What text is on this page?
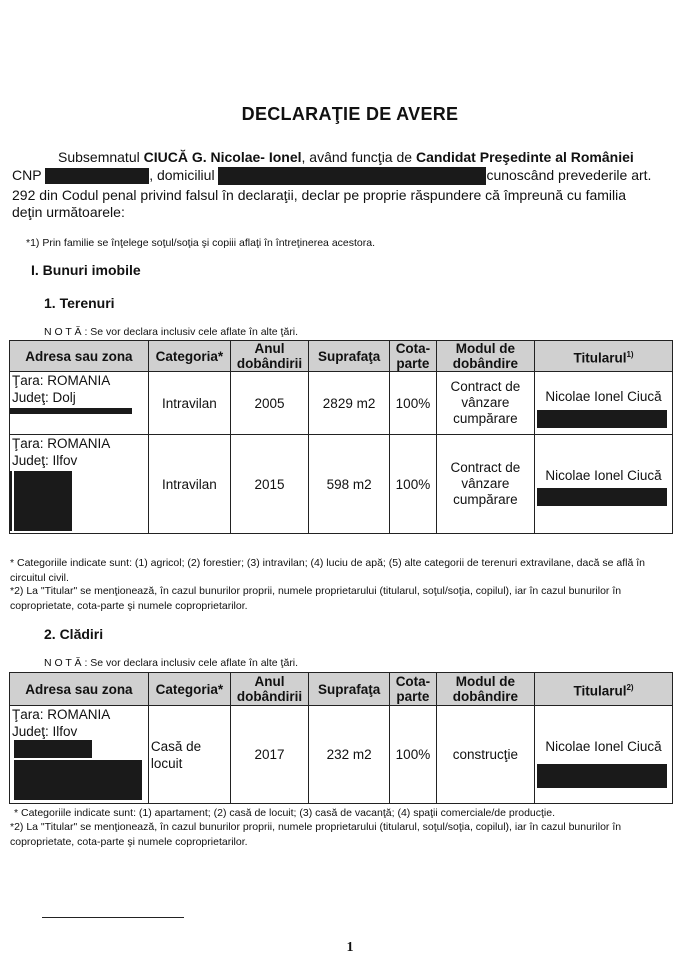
DECLARAŢIE DE AVERE
Subsemnatul CIUCĂ G. Nicolae- Ionel, având funcţia de Candidat Preşedinte al României
CNP	, domiciliul	cunoscând prevederile art.
292 din Codul penal privind falsul în declaraţii, declar pe proprie răspundere că împreună cu familia
deţin următoarele:
*1) Prin familie se înţelege soţul/soţia şi copiii aflaţi în întreţinerea acestora.
I. Bunuri imobile
1. Terenuri
N O T Ă : Se vor declara inclusiv cele aflate în alte ţări.
Adresa sau zona	Categoria*	Anul dobândirii	Suprafaţa	Cota-parte	Modul de dobândire	Titularul$^{1)}$

Ţara: ROMANIA
Judeţ: Dolj	Intravilan	2005	2829 m2	100%	Contract de vânzare cumpărare	Nicolae Ionel Ciucă

Ţara: ROMANIA
Judeţ: Ilfov	Intravilan	2015	598 m2	100%	Contract de vânzare cumpărare	Nicolae Ionel Ciucă
* Categoriile indicate sunt: (1) agricol; (2) forestier; (3) intravilan; (4) luciu de apă; (5) alte categorii de terenuri extravilane, dacă se află în circuitul civil.
*2) La "Titular" se menţionează, în cazul bunurilor proprii, numele proprietarului (titularul, soţul/soţia, copilul), iar în cazul bunurilor în coproprietate, cota-parte şi numele coproprietarilor.
2. Clădiri
N O T Ă : Se vor declara inclusiv cele aflate în alte ţări.
Adresa sau zona	Categoria*	Anul dobândirii	Suprafaţa	Cota-parte	Modul de dobândire	Titularul$^{2)}$

Ţara: ROMANIA
Judeţ: Ilfov	Casă de locuit	2017	232 m2	100%	construcţie	Nicolae Ionel Ciucă
* Categoriile indicate sunt: (1) apartament; (2) casă de locuit; (3) casă de vacanţă; (4) spaţii comerciale/de producţie.
*2) La "Titular" se menţionează, în cazul bunurilor proprii, numele proprietarului (titularul, soţul/soţia, copilul), iar în cazul bunurilor în coproprietate, cota-parte şi numele coproprietarilor.
1
